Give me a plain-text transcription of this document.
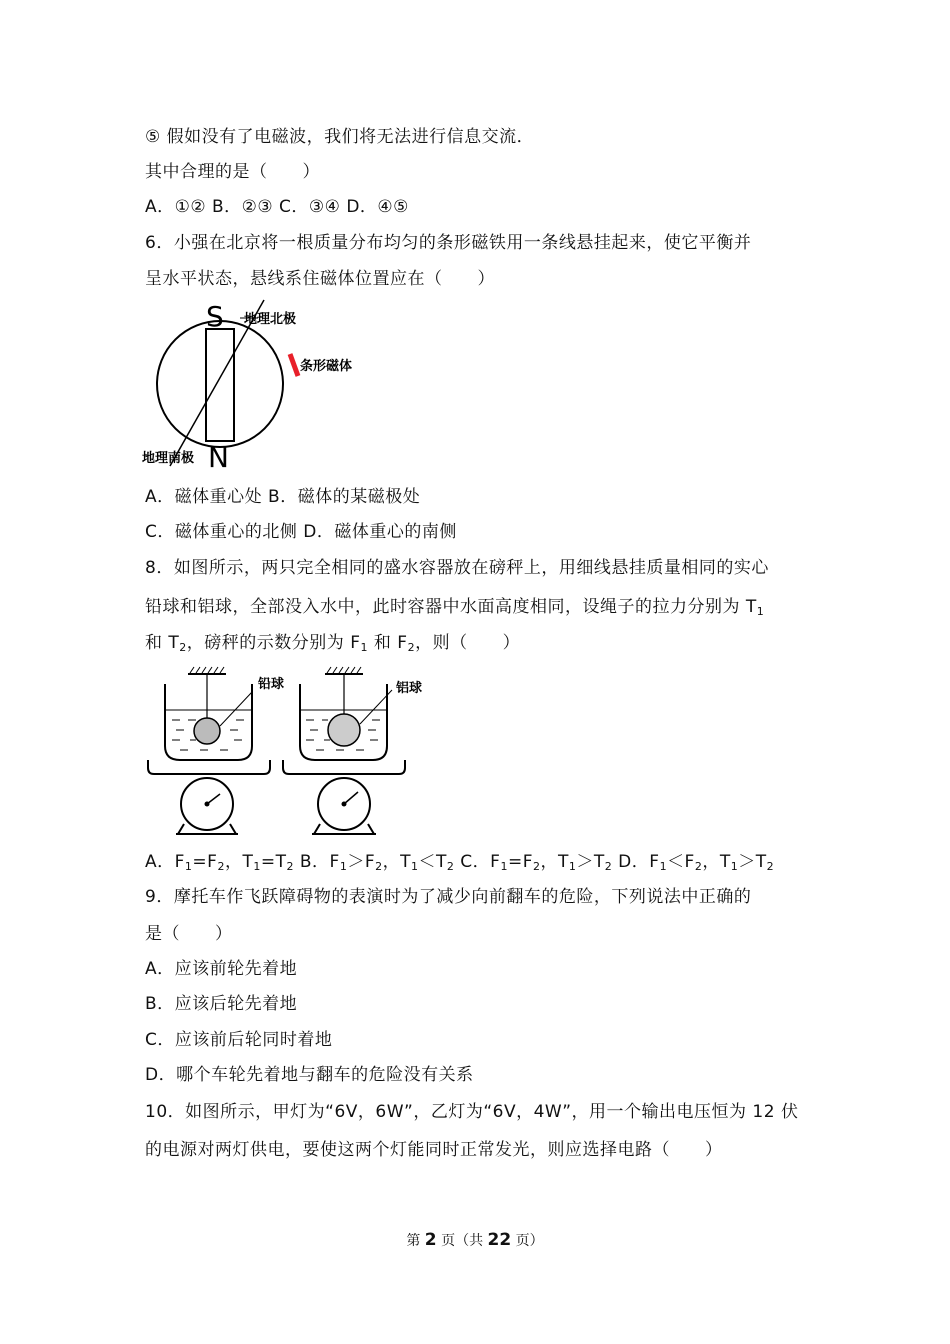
⑤ 假如没有了电磁波，我们将无法进行信息交流．
其中合理的是（　　）
A．①② B．②③ C．③④ D．④⑤
6．小强在北京将一根质量分布均匀的条形磁铁用一条线悬挂起来，使它平衡并
呈水平状态，悬线系住磁体位置应在（　　）
S
N
地理北极
条形磁体
地理南极
A．磁体重心处 B．磁体的某磁极处
C．磁体重心的北侧 D．磁体重心的南侧
8．如图所示，两只完全相同的盛水容器放在磅秤上，用细线悬挂质量相同的实心
铅球和铝球，全部没入水中，此时容器中水面高度相同，设绳子的拉力分别为 $T_1$
和 $T_2$，磅秤的示数分别为 $F_1$ 和 $F_2$，则（　　）
铅球	铝球
A．$F_1=F_2$，$T_1=T_2$ B．$F_1>F_2$，$T_1<T_2$ C．$F_1=F_2$，$T_1>T_2$ D．$F_1<F_2$，$T_1>T_2$
9．摩托车作飞跃障碍物的表演时为了减少向前翻车的危险，下列说法中正确的
是（　　）
A．应该前轮先着地
B．应该后轮先着地
C．应该前后轮同时着地
D．哪个车轮先着地与翻车的危险没有关系
10．如图所示，甲灯为“6V，6W”，乙灯为“6V，4W”，用一个输出电压恒为 12 伏
的电源对两灯供电，要使这两个灯能同时正常发光，则应选择电路（　　）
第 2 页（共 22 页）
